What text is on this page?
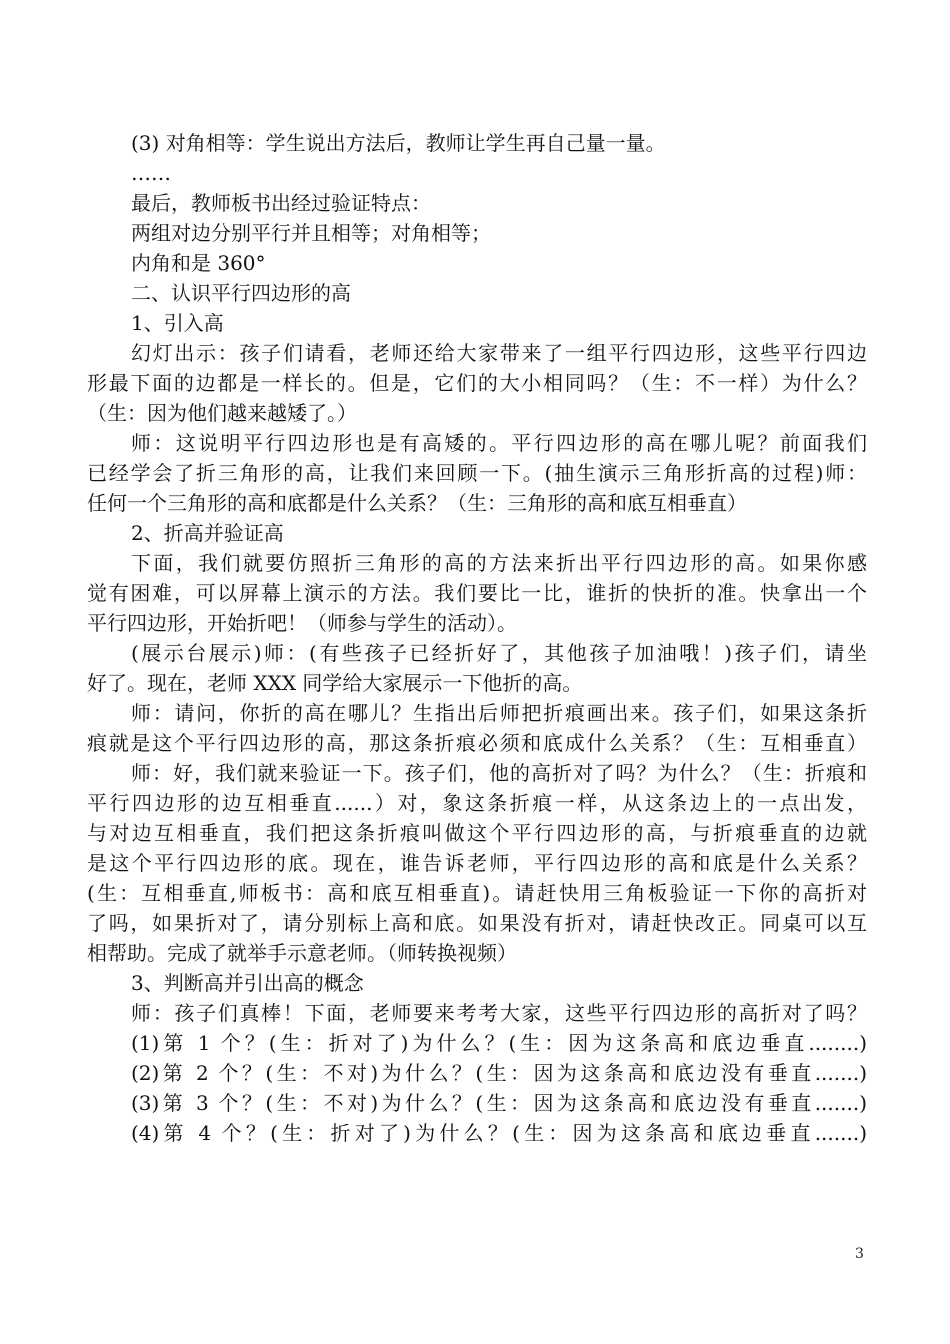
(3) 对角相等：学生说出方法后，教师让学生再自己量一量。
……
最后，教师板书出经过验证特点：
两组对边分别平行并且相等；对角相等；
内角和是 360°
二、认识平行四边形的高
1、引入高
幻灯出示：孩子们请看，老师还给大家带来了一组平行四边形，这些平行四边
形最下面的边都是一样长的。但是，它们的大小相同吗？（生：不一样）为什么？
（生：因为他们越来越矮了。）
师：这说明平行四边形也是有高矮的。平行四边形的高在哪儿呢？前面我们
已经学会了折三角形的高，让我们来回顾一下。(抽生演示三角形折高的过程)师：
任何一个三角形的高和底都是什么关系？（生：三角形的高和底互相垂直）
2、折高并验证高
下面，我们就要仿照折三角形的高的方法来折出平行四边形的高。如果你感
觉有困难，可以屏幕上演示的方法。我们要比一比，谁折的快折的准。快拿出一个
平行四边形，开始折吧！（师参与学生的活动）。
(展示台展示)师：(有些孩子已经折好了，其他孩子加油哦！)孩子们，请坐
好了。现在，老师 XXX 同学给大家展示一下他折的高。
师：请问，你折的高在哪儿？生指出后师把折痕画出来。孩子们，如果这条折
痕就是这个平行四边形的高，那这条折痕必须和底成什么关系？（生：互相垂直）
师：好，我们就来验证一下。孩子们，他的高折对了吗？为什么？（生：折痕和
平行四边形的边互相垂直......）对，象这条折痕一样，从这条边上的一点出发，
与对边互相垂直，我们把这条折痕叫做这个平行四边形的高，与折痕垂直的边就
是这个平行四边形的底。现在，谁告诉老师，平行四边形的高和底是什么关系？
(生：互相垂直,师板书：高和底互相垂直)。请赶快用三角板验证一下你的高折对
了吗，如果折对了，请分别标上高和底。如果没有折对，请赶快改正。同桌可以互
相帮助。完成了就举手示意老师。（师转换视频）
3、判断高并引出高的概念
师：孩子们真棒！下面，老师要来考考大家，这些平行四边形的高折对了吗？
(1)第 1 个？(生：折对了)为什么？(生：因为这条高和底边垂直........)
(2)第 2 个？(生：不对)为什么？(生：因为这条高和底边没有垂直.......)
(3)第 3 个？(生：不对)为什么？(生：因为这条高和底边没有垂直.......)
(4)第 4 个？(生：折对了)为什么？(生：因为这条高和底边垂直.......)
3
